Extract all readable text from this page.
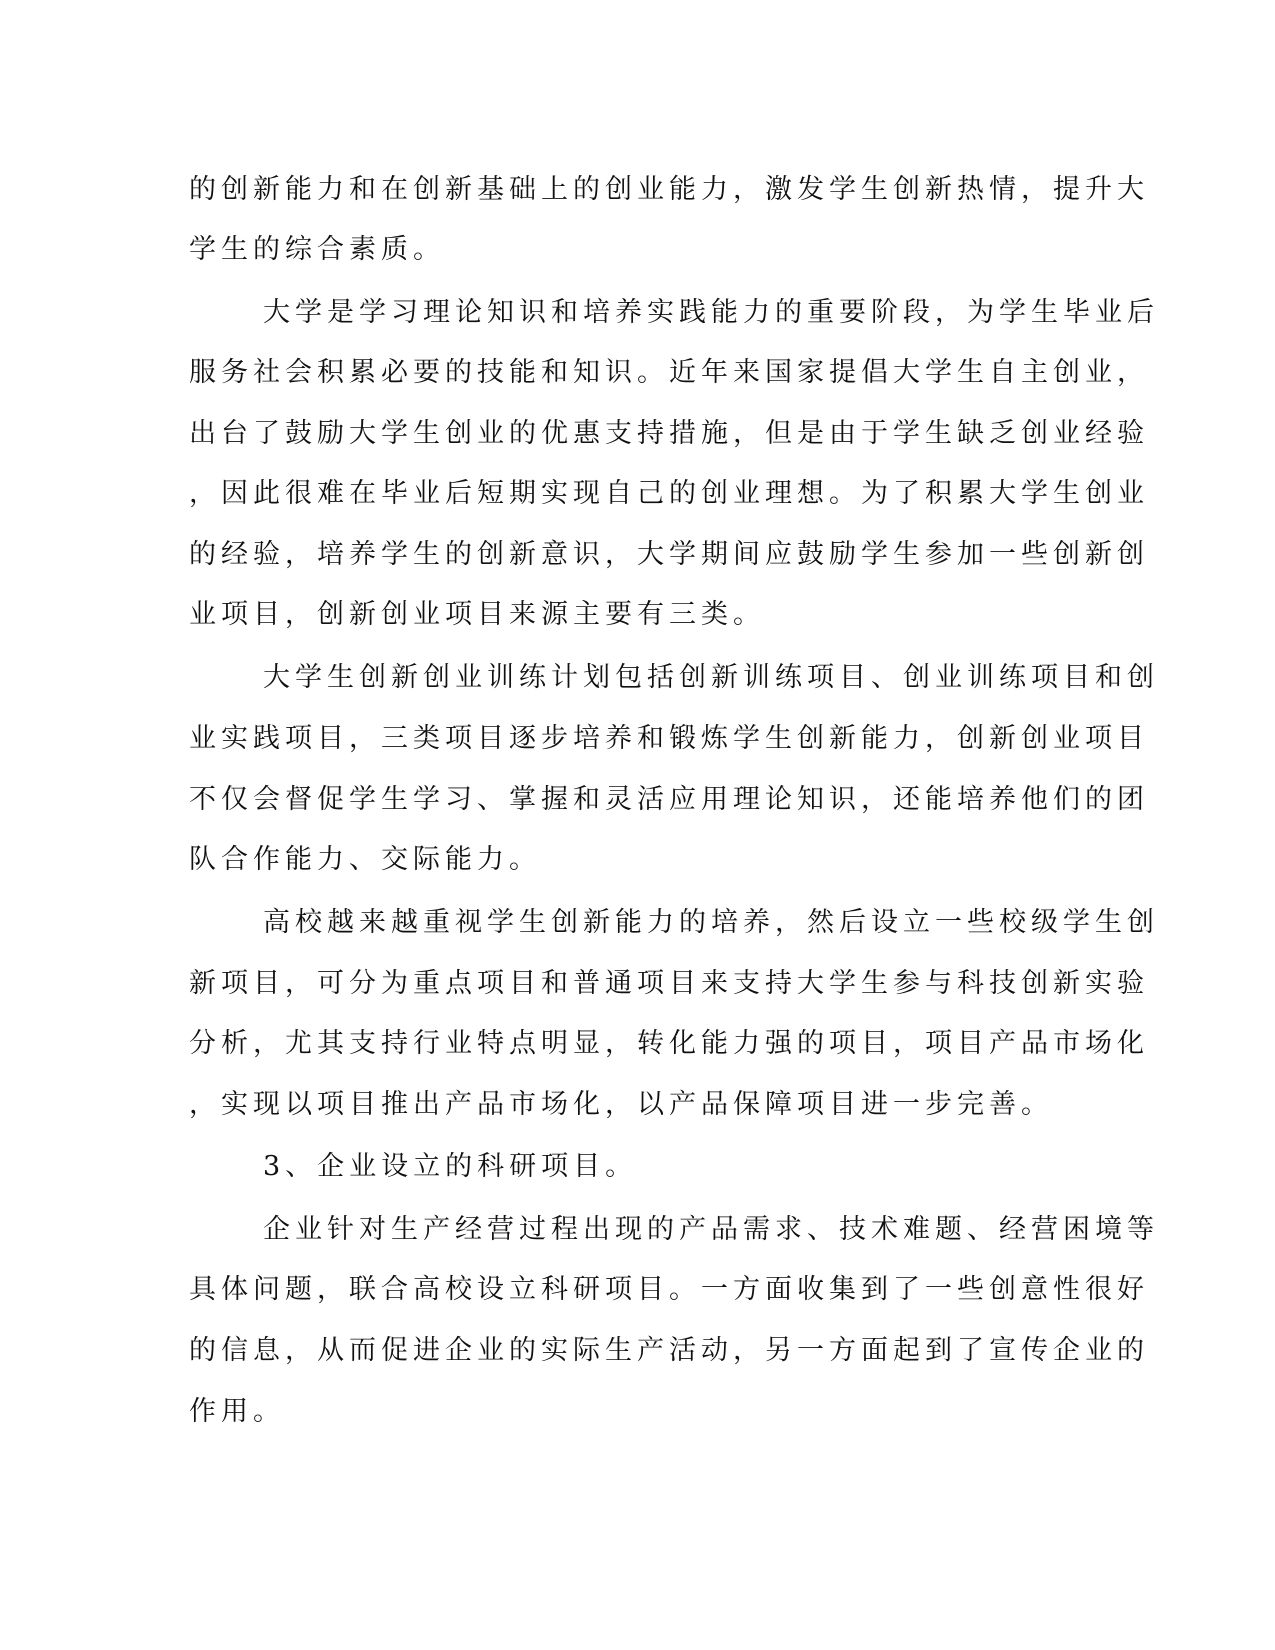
的创新能力和在创新基础上的创业能力，激发学生创新热情，提升大
学生的综合素质。
大学是学习理论知识和培养实践能力的重要阶段，为学生毕业后
服务社会积累必要的技能和知识。近年来国家提倡大学生自主创业，
出台了鼓励大学生创业的优惠支持措施，但是由于学生缺乏创业经验
，因此很难在毕业后短期实现自己的创业理想。为了积累大学生创业
的经验，培养学生的创新意识，大学期间应鼓励学生参加一些创新创
业项目，创新创业项目来源主要有三类。
大学生创新创业训练计划包括创新训练项目、创业训练项目和创
业实践项目，三类项目逐步培养和锻炼学生创新能力，创新创业项目
不仅会督促学生学习、掌握和灵活应用理论知识，还能培养他们的团
队合作能力、交际能力。
高校越来越重视学生创新能力的培养，然后设立一些校级学生创
新项目，可分为重点项目和普通项目来支持大学生参与科技创新实验
分析，尤其支持行业特点明显，转化能力强的项目，项目产品市场化
，实现以项目推出产品市场化，以产品保障项目进一步完善。
3、企业设立的科研项目。
企业针对生产经营过程出现的产品需求、技术难题、经营困境等
具体问题，联合高校设立科研项目。一方面收集到了一些创意性很好
的信息，从而促进企业的实际生产活动，另一方面起到了宣传企业的
作用。
